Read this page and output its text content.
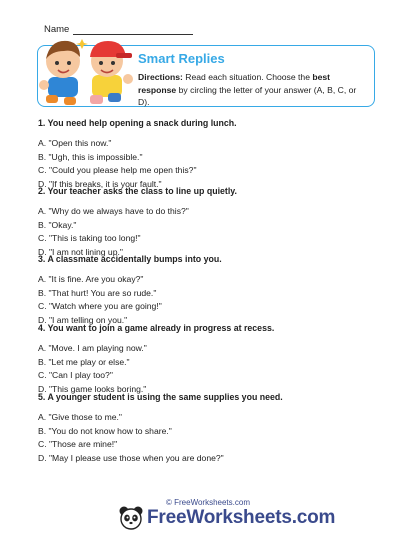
Name
Smart Replies
Directions: Read each situation. Choose the best response by circling the letter of your answer (A, B, C, or D).

1. You need help opening a snack during lunch.

A. "Open this now."

B. "Ugh, this is impossible."

C. "Could you please help me open this?"

D. "If this breaks, it is your fault."

2. Your teacher asks the class to line up quietly.

A. "Why do we always have to do this?"

B. "Okay."

C. "This is taking too long!"

D. "I am not lining up."

3. A classmate accidentally bumps into you.

A. "It is fine. Are you okay?"

B. "That hurt! You are so rude."

C. "Watch where you are going!"

D. "I am telling on you."

4. You want to join a game already in progress at recess.

A. "Move. I am playing now."

B. "Let me play or else."

C. "Can I play too?"

D. "This game looks boring."

5. A younger student is using the same supplies you need.

A. "Give those to me."

B. "You do not know how to share."

C. "Those are mine!"

D. "May I please use those when you are done?"

© FreeWorksheets.com
FreeWorksheets.com
